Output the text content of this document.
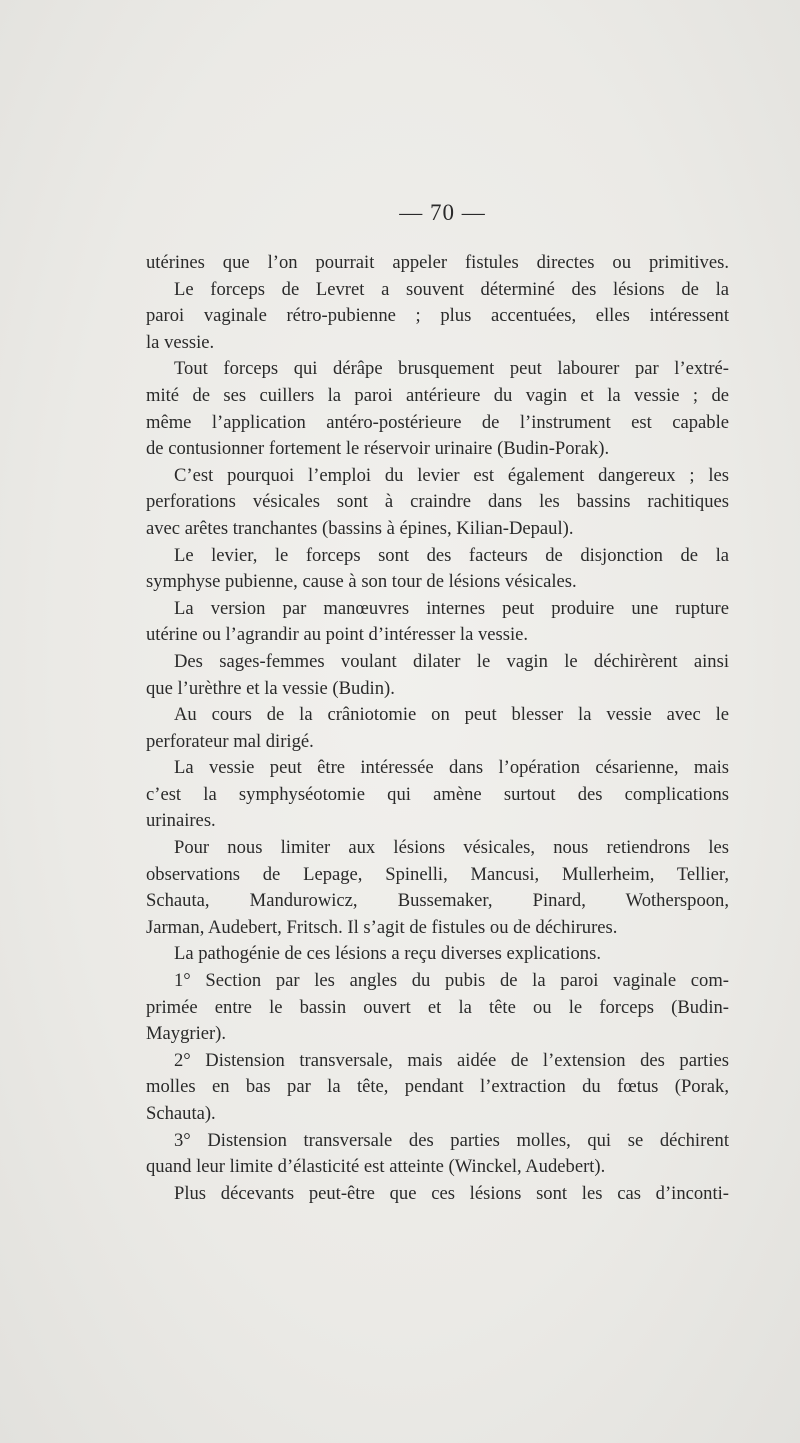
— 70 —
utérines que l’on pourrait appeler fistules directes ou primitives.
Le forceps de Levret a souvent déterminé des lésions de la
paroi vaginale rétro-pubienne ; plus accentuées, elles intéressent
la vessie.
Tout forceps qui dérâpe brusquement peut labourer par l’extré-
mité de ses cuillers la paroi antérieure du vagin et la vessie ; de
même l’application antéro-postérieure de l’instrument est capable
de contusionner fortement le réservoir urinaire (Budin-Porak).
C’est pourquoi l’emploi du levier est également dangereux ; les
perforations vésicales sont à craindre dans les bassins rachitiques
avec arêtes tranchantes (bassins à épines, Kilian-Depaul).
Le levier, le forceps sont des facteurs de disjonction de la
symphyse pubienne, cause à son tour de lésions vésicales.
La version par manœuvres internes peut produire une rupture
utérine ou l’agrandir au point d’intéresser la vessie.
Des sages-femmes voulant dilater le vagin le déchirèrent ainsi
que l’urèthre et la vessie (Budin).
Au cours de la crâniotomie on peut blesser la vessie avec le
perforateur mal dirigé.
La vessie peut être intéressée dans l’opération césarienne, mais
c’est la symphyséotomie qui amène surtout des complications
urinaires.
Pour nous limiter aux lésions vésicales, nous retiendrons les
observations de Lepage, Spinelli, Mancusi, Mullerheim, Tellier,
Schauta, Mandurowicz, Bussemaker, Pinard, Wotherspoon,
Jarman, Audebert, Fritsch. Il s’agit de fistules ou de déchirures.
La pathogénie de ces lésions a reçu diverses explications.
1° Section par les angles du pubis de la paroi vaginale com-
primée entre le bassin ouvert et la tête ou le forceps (Budin-
Maygrier).
2° Distension transversale, mais aidée de l’extension des parties
molles en bas par la tête, pendant l’extraction du fœtus (Porak,
Schauta).
3° Distension transversale des parties molles, qui se déchirent
quand leur limite d’élasticité est atteinte (Winckel, Audebert).
Plus décevants peut-être que ces lésions sont les cas d’inconti-
